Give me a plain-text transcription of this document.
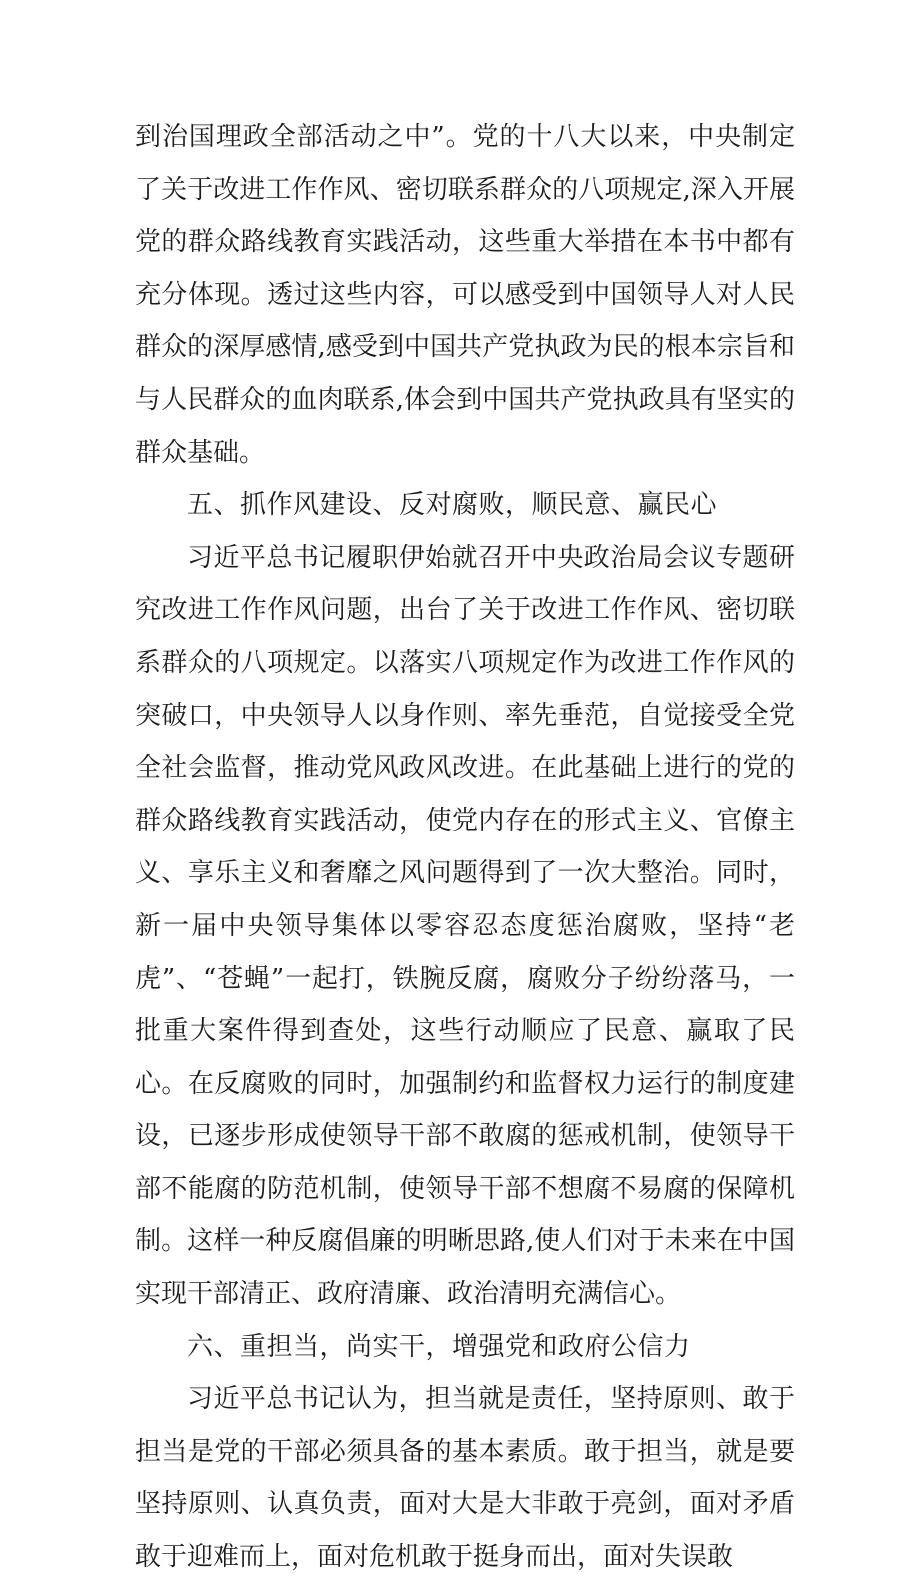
到治国理政全部活动之中”。党的十八大以来，中央制定了关于改进工作作风、密切联系群众的八项规定,深入开展党的群众路线教育实践活动，这些重大举措在本书中都有充分体现。透过这些内容，可以感受到中国领导人对人民群众的深厚感情,感受到中国共产党执政为民的根本宗旨和与人民群众的血肉联系,体会到中国共产党执政具有坚实的群众基础。

五、抓作风建设、反对腐败，顺民意、赢民心

习近平总书记履职伊始就召开中央政治局会议专题研究改进工作作风问题，出台了关于改进工作作风、密切联系群众的八项规定。以落实八项规定作为改进工作作风的突破口，中央领导人以身作则、率先垂范，自觉接受全党全社会监督，推动党风政风改进。在此基础上进行的党的群众路线教育实践活动，使党内存在的形式主义、官僚主义、享乐主义和奢靡之风问题得到了一次大整治。同时，新一届中央领导集体以零容忍态度惩治腐败，坚持“老虎”、“苍蝇”一起打，铁腕反腐，腐败分子纷纷落马，一批重大案件得到查处，这些行动顺应了民意、赢取了民心。在反腐败的同时，加强制约和监督权力运行的制度建设，已逐步形成使领导干部不敢腐的惩戒机制，使领导干部不能腐的防范机制，使领导干部不想腐不易腐的保障机制。这样一种反腐倡廉的明晰思路,使人们对于未来在中国实现干部清正、政府清廉、政治清明充满信心。

六、重担当，尚实干，增强党和政府公信力

习近平总书记认为，担当就是责任，坚持原则、敢于担当是党的干部必须具备的基本素质。敢于担当，就是要坚持原则、认真负责，面对大是大非敢于亮剑，面对矛盾敢于迎难而上，面对危机敢于挺身而出，面对失误敢
